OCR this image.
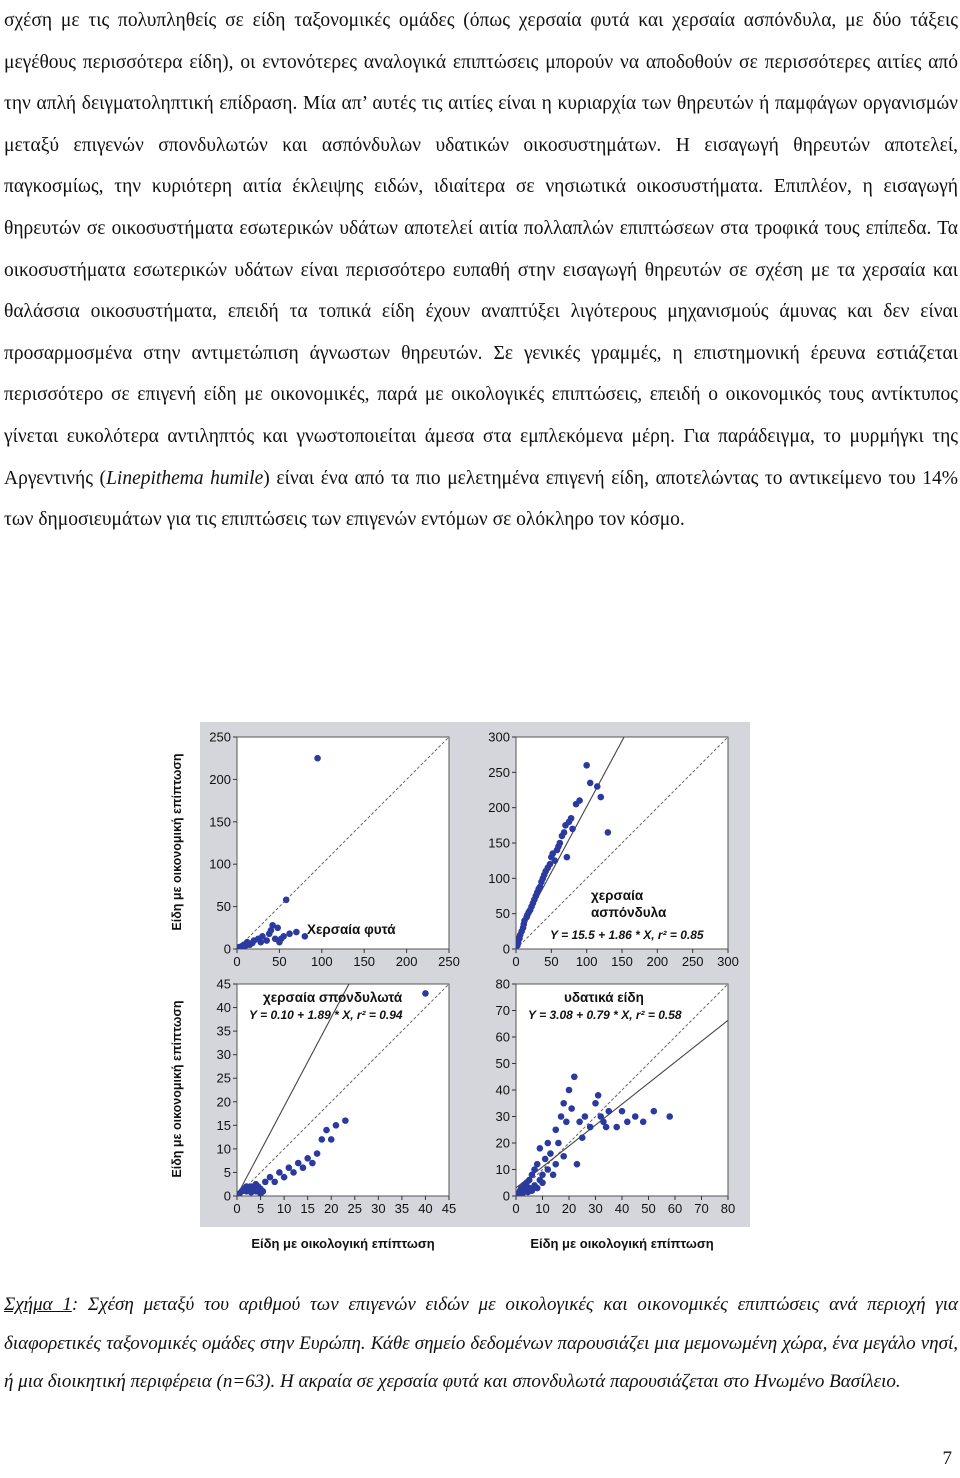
σχέση με τις πολυπληθείς σε είδη ταξονομικές ομάδες (όπως χερσαία φυτά και χερσαία ασπόνδυλα, με δύο τάξεις μεγέθους περισσότερα είδη), οι εντονότερες αναλογικά επιπτώσεις μπορούν να αποδοθούν σε περισσότερες αιτίες από την απλή δειγματοληπτική επίδραση. Μία απ’ αυτές τις αιτίες είναι η κυριαρχία των θηρευτών ή παμφάγων οργανισμών μεταξύ επιγενών σπονδυλωτών και ασπόνδυλων υδατικών οικοσυστημάτων. Η εισαγωγή θηρευτών αποτελεί, παγκοσμίως, την κυριότερη αιτία έκλειψης ειδών, ιδιαίτερα σε νησιωτικά οικοσυστήματα. Επιπλέον, η εισαγωγή θηρευτών σε οικοσυστήματα εσωτερικών υδάτων αποτελεί αιτία πολλαπλών επιπτώσεων στα τροφικά τους επίπεδα. Τα οικοσυστήματα εσωτερικών υδάτων είναι περισσότερο ευπαθή στην εισαγωγή θηρευτών σε σχέση με τα χερσαία και θαλάσσια οικοσυστήματα, επειδή τα τοπικά είδη έχουν αναπτύξει λιγότερους μηχανισμούς άμυνας και δεν είναι προσαρμοσμένα στην αντιμετώπιση άγνωστων θηρευτών. Σε γενικές γραμμές, η επιστημονική έρευνα εστιάζεται περισσότερο σε επιγενή είδη με οικονομικές, παρά με οικολογικές επιπτώσεις, επειδή ο οικονομικός τους αντίκτυπος γίνεται ευκολότερα αντιληπτός και γνωστοποιείται άμεσα στα εμπλεκόμενα μέρη. Για παράδειγμα, το μυρμήγκι της Αργεντινής (Linepithema humile) είναι ένα από τα πιο μελετημένα επιγενή είδη, αποτελώντας το αντικείμενο του 14% των δημοσιευμάτων για τις επιπτώσεις των επιγενών εντόμων σε ολόκληρο τον κόσμο.

0
50
100
150
200
250
0 50 100 150 200 250
Χερσαία φυτά
0
50
100
150
200
250
300
0 50 100 150 200 250 300
χερσαία
ασπόνδυλα
Y = 15.5 + 1.86 * X, r² = 0.85
0
5
10
15
20
25
30
35
40
45
0 5 10 15 20 25 30 35 40 45
χερσαία σπονδυλωτά
Y = 0.10 + 1.89 * X, r² = 0.94
0
10
20
30
40
50
60
70
80
0 10 20 30 40 50 60 70 80
υδατικά είδη
Y = 3.08 + 0.79 * X, r² = 0.58
Είδη με οικονομική επίπτωση
Είδη με οικονομική επίπτωση
Είδη με οικολογική επίπτωση	Είδη με οικολογική επίπτωση

Σχήμα 1: Σχέση μεταξύ του αριθμού των επιγενών ειδών με οικολογικές και οικονομικές επιπτώσεις ανά περιοχή για διαφορετικές ταξονομικές ομάδες στην Ευρώπη. Κάθε σημείο δεδομένων παρουσιάζει μια μεμονωμένη χώρα, ένα μεγάλο νησί, ή μια διοικητική περιφέρεια (n=63). Η ακραία σε χερσαία φυτά και σπονδυλωτά παρουσιάζεται στο Ηνωμένο Βασίλειο.

7
